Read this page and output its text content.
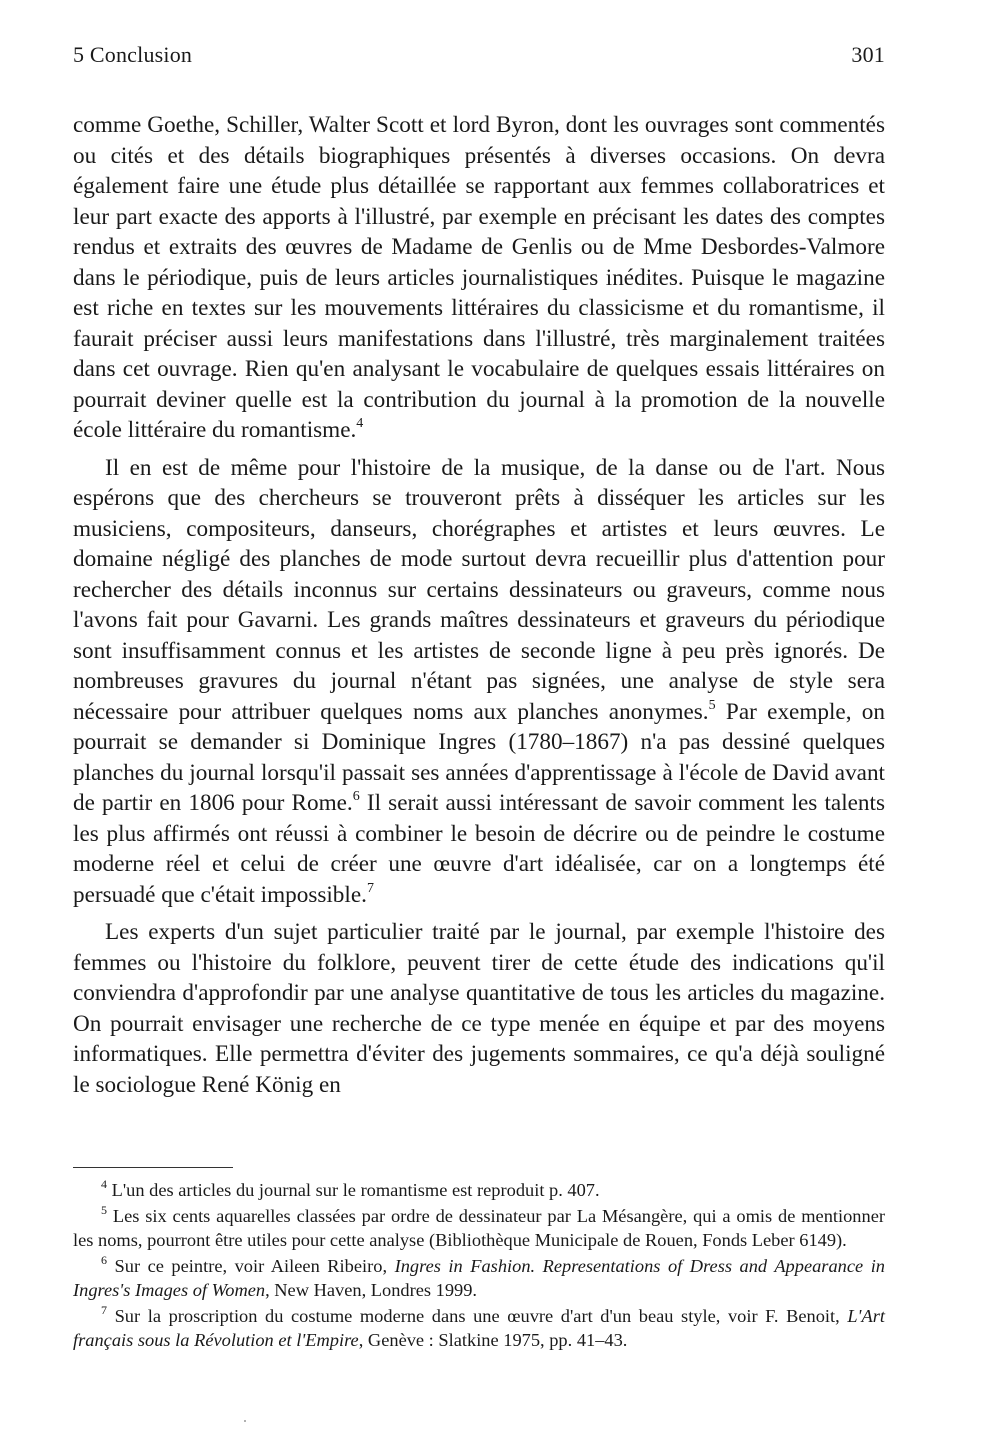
5 Conclusion	301

comme Goethe, Schiller, Walter Scott et lord Byron, dont les ouvrages sont commentés ou cités et des détails biographiques présentés à diverses occasions. On devra également faire une étude plus détaillée se rapportant aux femmes collaboratrices et leur part exacte des apports à l'illustré, par exemple en précisant les dates des comptes rendus et extraits des œuvres de Madame de Genlis ou de Mme Desbordes-Valmore dans le périodique, puis de leurs articles journalistiques inédites. Puisque le magazine est riche en textes sur les mouvements littéraires du classicisme et du romantisme, il faurait préciser aussi leurs manifestations dans l'illustré, très marginalement traitées dans cet ouvrage. Rien qu'en analysant le vocabulaire de quelques essais littéraires on pourrait deviner quelle est la contribution du journal à la promotion de la nouvelle école littéraire du romantisme.$^4$

Il en est de même pour l'histoire de la musique, de la danse ou de l'art. Nous espérons que des chercheurs se trouveront prêts à disséquer les articles sur les musiciens, compositeurs, danseurs, chorégraphes et artistes et leurs œuvres. Le domaine négligé des planches de mode surtout devra recueillir plus d'attention pour rechercher des détails inconnus sur certains dessinateurs ou graveurs, comme nous l'avons fait pour Gavarni. Les grands maîtres dessinateurs et graveurs du périodique sont insuffisamment connus et les artistes de seconde ligne à peu près ignorés. De nombreuses gravures du journal n'étant pas signées, une analyse de style sera nécessaire pour attribuer quelques noms aux planches anonymes.$^5$ Par exemple, on pourrait se demander si Dominique Ingres (1780–1867) n'a pas dessiné quelques planches du journal lorsqu'il passait ses années d'apprentissage à l'école de David avant de partir en 1806 pour Rome.$^6$ Il serait aussi intéressant de savoir comment les talents les plus affirmés ont réussi à combiner le besoin de décrire ou de peindre le costume moderne réel et celui de créer une œuvre d'art idéalisée, car on a longtemps été persuadé que c'était impossible.$^7$

Les experts d'un sujet particulier traité par le journal, par exemple l'histoire des femmes ou l'histoire du folklore, peuvent tirer de cette étude des indications qu'il conviendra d'approfondir par une analyse quantitative de tous les articles du magazine. On pourrait envisager une recherche de ce type menée en équipe et par des moyens informatiques. Elle permettra d'éviter des jugements sommaires, ce qu'a déjà souligné le sociologue René König en

$^4$ L'un des articles du journal sur le romantisme est reproduit p. 407.

$^5$ Les six cents aquarelles classées par ordre de dessinateur par La Mésangère, qui a omis de mentionner les noms, pourront être utiles pour cette analyse (Bibliothèque Municipale de Rouen, Fonds Leber 6149).

$^6$ Sur ce peintre, voir Aileen Ribeiro, Ingres in Fashion. Representations of Dress and Appearance in Ingres's Images of Women, New Haven, Londres 1999.

$^7$ Sur la proscription du costume moderne dans une œuvre d'art d'un beau style, voir F. Benoit, L'Art français sous la Révolution et l'Empire, Genève : Slatkine 1975, pp. 41–43.
